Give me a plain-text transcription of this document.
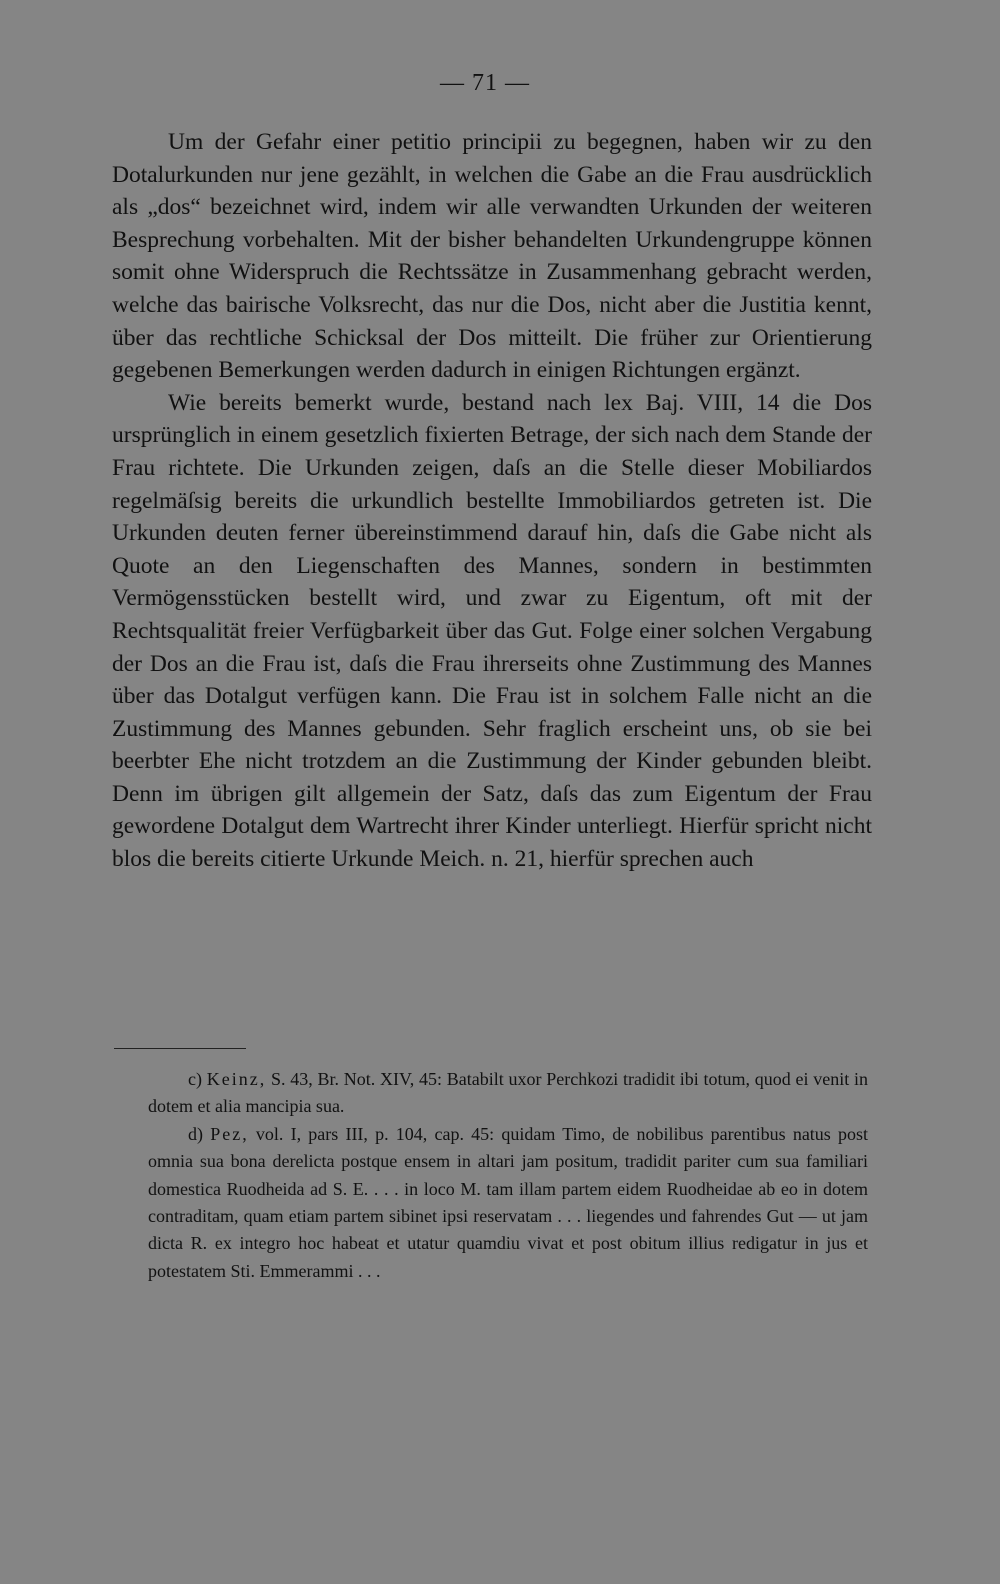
— 71 —

Um der Gefahr einer petitio principii zu begegnen, haben wir zu den Dotalurkunden nur jene gezählt, in welchen die Gabe an die Frau ausdrücklich als „dos“ bezeichnet wird, indem wir alle verwandten Urkunden der weiteren Besprechung vorbehalten. Mit der bisher behandelten Urkundengruppe können somit ohne Widerspruch die Rechtssätze in Zusammenhang gebracht werden, welche das bairische Volksrecht, das nur die Dos, nicht aber die Justitia kennt, über das rechtliche Schicksal der Dos mitteilt. Die früher zur Orientierung gegebenen Bemerkungen werden dadurch in einigen Richtungen ergänzt.

Wie bereits bemerkt wurde, bestand nach lex Baj. VIII, 14 die Dos ursprünglich in einem gesetzlich fixierten Betrage, der sich nach dem Stande der Frau richtete. Die Urkunden zeigen, daſs an die Stelle dieser Mobiliardos regelmäſsig bereits die urkundlich bestellte Immobiliardos getreten ist. Die Urkunden deuten ferner übereinstimmend darauf hin, daſs die Gabe nicht als Quote an den Liegenschaften des Mannes, sondern in bestimmten Vermögensstücken bestellt wird, und zwar zu Eigentum, oft mit der Rechtsqualität freier Verfügbarkeit über das Gut. Folge einer solchen Vergabung der Dos an die Frau ist, daſs die Frau ihrerseits ohne Zustimmung des Mannes über das Dotalgut verfügen kann. Die Frau ist in solchem Falle nicht an die Zustimmung des Mannes gebunden. Sehr fraglich erscheint uns, ob sie bei beerbter Ehe nicht trotzdem an die Zustimmung der Kinder gebunden bleibt. Denn im übrigen gilt allgemein der Satz, daſs das zum Eigentum der Frau gewordene Dotalgut dem Wartrecht ihrer Kinder unterliegt. Hierfür spricht nicht blos die bereits citierte Urkunde Meich. n. 21, hierfür sprechen auch

c) Keinz, S. 43, Br. Not. XIV, 45: Batabilt uxor Perchkozi tradidit ibi totum, quod ei venit in dotem et alia mancipia sua.

d) Pez, vol. I, pars III, p. 104, cap. 45: quidam Timo, de nobilibus parentibus natus post omnia sua bona derelicta postque ensem in altari jam positum, tradidit pariter cum sua familiari domestica Ruodheida ad S. E. . . . in loco M. tam illam partem eidem Ruodheidae ab eo in dotem contraditam, quam etiam partem sibinet ipsi reservatam . . . liegendes und fahrendes Gut — ut jam dicta R. ex integro hoc habeat et utatur quamdiu vivat et post obitum illius redigatur in jus et potestatem Sti. Emmerammi . . .
